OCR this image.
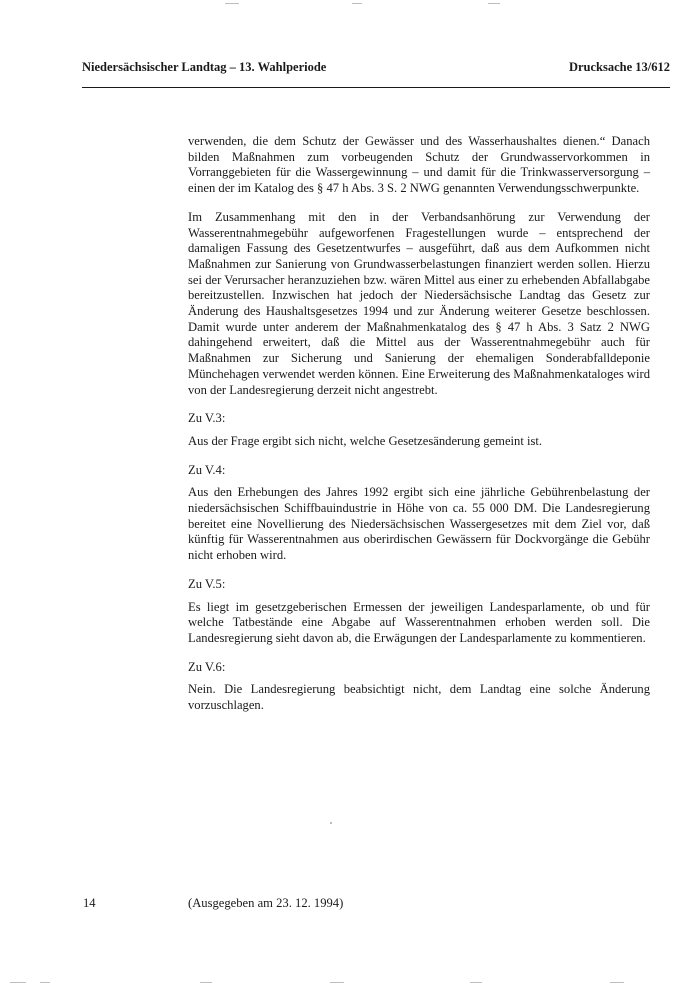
Niedersächsischer Landtag – 13. Wahlperiode	Drucksache 13/612

verwenden, die dem Schutz der Gewässer und des Wasserhaushaltes dienen.“ Danach bilden Maßnahmen zum vorbeugenden Schutz der Grundwasservorkommen in Vorranggebieten für die Wassergewinnung – und damit für die Trinkwasserversorgung – einen der im Katalog des § 47 h Abs. 3 S. 2 NWG genannten Verwendungsschwerpunkte.

Im Zusammenhang mit den in der Verbandsanhörung zur Verwendung der Wasserentnahmegebühr aufgeworfenen Fragestellungen wurde – entsprechend der damaligen Fassung des Gesetzentwurfes – ausgeführt, daß aus dem Aufkommen nicht Maßnahmen zur Sanierung von Grundwasserbelastungen finanziert werden sollen. Hierzu sei der Verursacher heranzuziehen bzw. wären Mittel aus einer zu erhebenden Abfallabgabe bereitzustellen. Inzwischen hat jedoch der Niedersächsische Landtag das Gesetz zur Änderung des Haushaltsgesetzes 1994 und zur Änderung weiterer Gesetze beschlossen. Damit wurde unter anderem der Maßnahmenkatalog des § 47 h Abs. 3 Satz 2 NWG dahingehend erweitert, daß die Mittel aus der Wasserentnahmegebühr auch für Maßnahmen zur Sicherung und Sanierung der ehemaligen Sonderabfalldeponie Münchehagen verwendet werden können. Eine Erweiterung des Maßnahmenkataloges wird von der Landesregierung derzeit nicht angestrebt.

Zu V.3:

Aus der Frage ergibt sich nicht, welche Gesetzesänderung gemeint ist.

Zu V.4:

Aus den Erhebungen des Jahres 1992 ergibt sich eine jährliche Gebührenbelastung der niedersächsischen Schiffbauindustrie in Höhe von ca. 55 000 DM. Die Landesregierung bereitet eine Novellierung des Niedersächsischen Wassergesetzes mit dem Ziel vor, daß künftig für Wasserentnahmen aus oberirdischen Gewässern für Dockvorgänge die Gebühr nicht erhoben wird.

Zu V.5:

Es liegt im gesetzgeberischen Ermessen der jeweiligen Landesparlamente, ob und für welche Tatbestände eine Abgabe auf Wasserentnahmen erhoben werden soll. Die Landesregierung sieht davon ab, die Erwägungen der Landesparlamente zu kommentieren.

Zu V.6:

Nein. Die Landesregierung beabsichtigt nicht, dem Landtag eine solche Änderung vorzuschlagen.

14	(Ausgegeben am 23. 12. 1994)
